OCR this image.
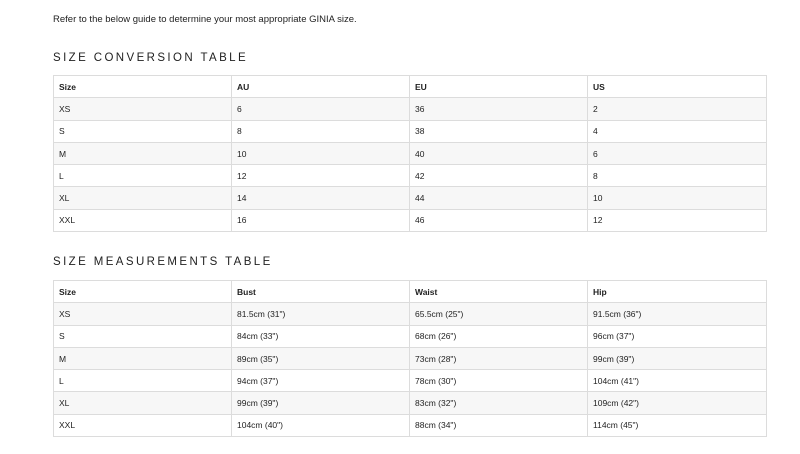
Refer to the below guide to determine your most appropriate GINIA size.

SIZE CONVERSION TABLE
Size	AU	EU	US
XS	6	36	2
S	8	38	4
M	10	40	6
L	12	42	8
XL	14	44	10
XXL	16	46	12
SIZE MEASUREMENTS TABLE
Size	Bust	Waist	Hip
XS	81.5cm (31")	65.5cm (25")	91.5cm (36")
S	84cm (33")	68cm (26")	96cm (37")
M	89cm (35")	73cm (28")	99cm (39")
L	94cm (37")	78cm (30")	104cm (41")
XL	99cm (39")	83cm (32")	109cm (42")
XXL	104cm (40")	88cm (34")	114cm (45")
